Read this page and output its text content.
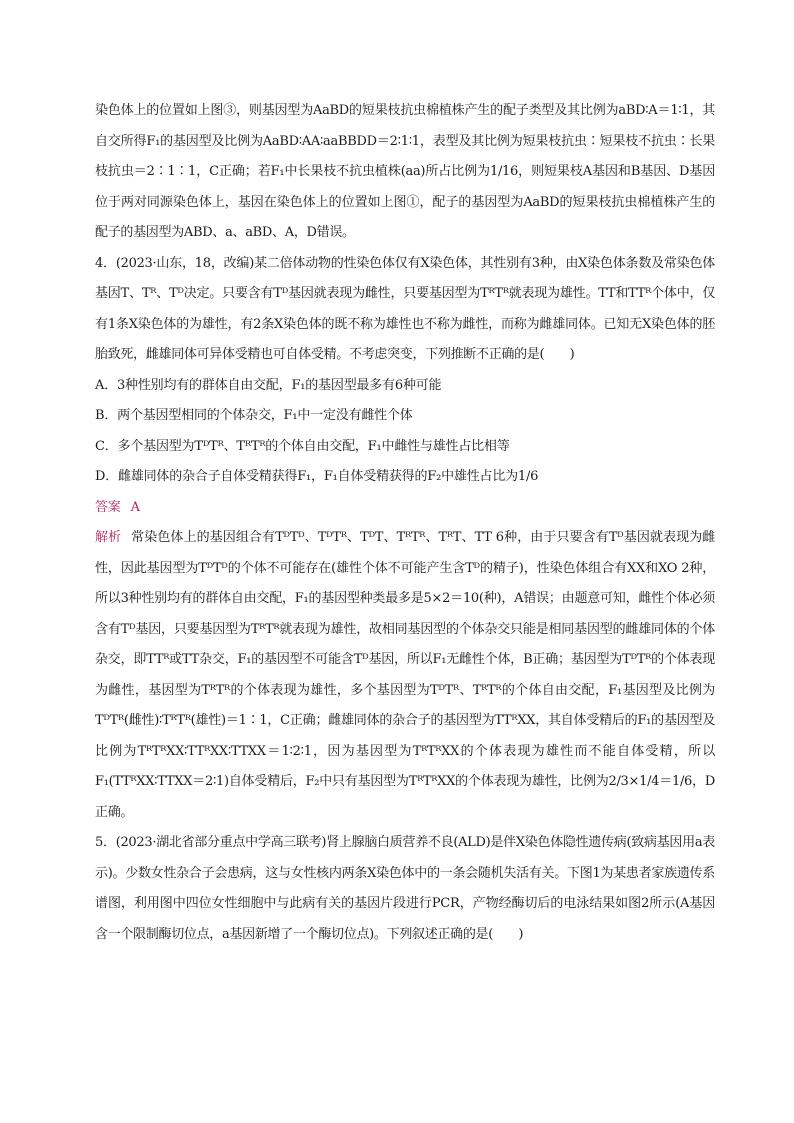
染色体上的位置如上图③，则基因型为AaBD的短果枝抗虫棉植株产生的配子类型及其比例为aBD∶A＝1∶1，其自交所得F₁的基因型及比例为AaBD∶AA∶aaBBDD＝2∶1∶1，表型及其比例为短果枝抗虫∶短果枝不抗虫∶长果枝抗虫＝2∶1∶1，C正确；若F₁中长果枝不抗虫植株(aa)所占比例为1/16，则短果枝A基因和B基因、D基因位于两对同源染色体上，基因在染色体上的位置如上图①，配子的基因型为AaBD的短果枝抗虫棉植株产生的配子的基因型为ABD、a、aBD、A，D错误。

4．(2023·山东，18，改编)某二倍体动物的性染色体仅有X染色体，其性别有3种，由X染色体条数及常染色体基因T、Tᴿ、Tᴰ决定。只要含有Tᴰ基因就表现为雌性，只要基因型为TᴿTᴿ就表现为雄性。TT和TTᴿ个体中，仅有1条X染色体的为雄性，有2条X染色体的既不称为雄性也不称为雌性，而称为雌雄同体。已知无X染色体的胚胎致死，雌雄同体可异体受精也可自体受精。不考虑突变，下列推断不正确的是(　　)

A．3种性别均有的群体自由交配，F₁的基因型最多有6种可能

B．两个基因型相同的个体杂交，F₁中一定没有雌性个体

C．多个基因型为TᴰTᴿ、TᴿTᴿ的个体自由交配，F₁中雌性与雄性占比相等

D．雌雄同体的杂合子自体受精获得F₁，F₁自体受精获得的F₂中雄性占比为1/6

答案 A

解析 常染色体上的基因组合有TᴰTᴰ、TᴰTᴿ、TᴰT、TᴿTᴿ、TᴿT、TT 6种，由于只要含有Tᴰ基因就表现为雌性，因此基因型为TᴰTᴰ的个体不可能存在(雄性个体不可能产生含Tᴰ的精子)，性染色体组合有XX和XO 2种，所以3种性别均有的群体自由交配，F₁的基因型种类最多是5×2＝10(种)，A错误；由题意可知，雌性个体必须含有Tᴰ基因，只要基因型为TᴿTᴿ就表现为雄性，故相同基因型的个体杂交只能是相同基因型的雌雄同体的个体杂交，即TTᴿ或TT杂交，F₁的基因型不可能含Tᴰ基因，所以F₁无雌性个体，B正确；基因型为TᴰTᴿ的个体表现为雌性，基因型为TᴿTᴿ的个体表现为雄性，多个基因型为TᴰTᴿ、TᴿTᴿ的个体自由交配，F₁基因型及比例为TᴰTᴿ(雌性)∶TᴿTᴿ(雄性)＝1∶1，C正确；雌雄同体的杂合子的基因型为TTᴿXX，其自体受精后的F₁的基因型及比例为TᴿTᴿXX∶TTᴿXX∶TTXX＝1∶2∶1，因为基因型为TᴿTᴿXX的个体表现为雄性而不能自体受精，所以F₁(TTᴿXX∶TTXX＝2∶1)自体受精后，F₂中只有基因型为TᴿTᴿXX的个体表现为雄性，比例为2/3×1/4＝1/6，D正确。

5．(2023·湖北省部分重点中学高三联考)肾上腺脑白质营养不良(ALD)是伴X染色体隐性遗传病(致病基因用a表示)。少数女性杂合子会患病，这与女性核内两条X染色体中的一条会随机失活有关。下图1为某患者家族遗传系谱图，利用图中四位女性细胞中与此病有关的基因片段进行PCR，产物经酶切后的电泳结果如图2所示(A基因含一个限制酶切位点，a基因新增了一个酶切位点)。下列叙述正确的是(　　)
